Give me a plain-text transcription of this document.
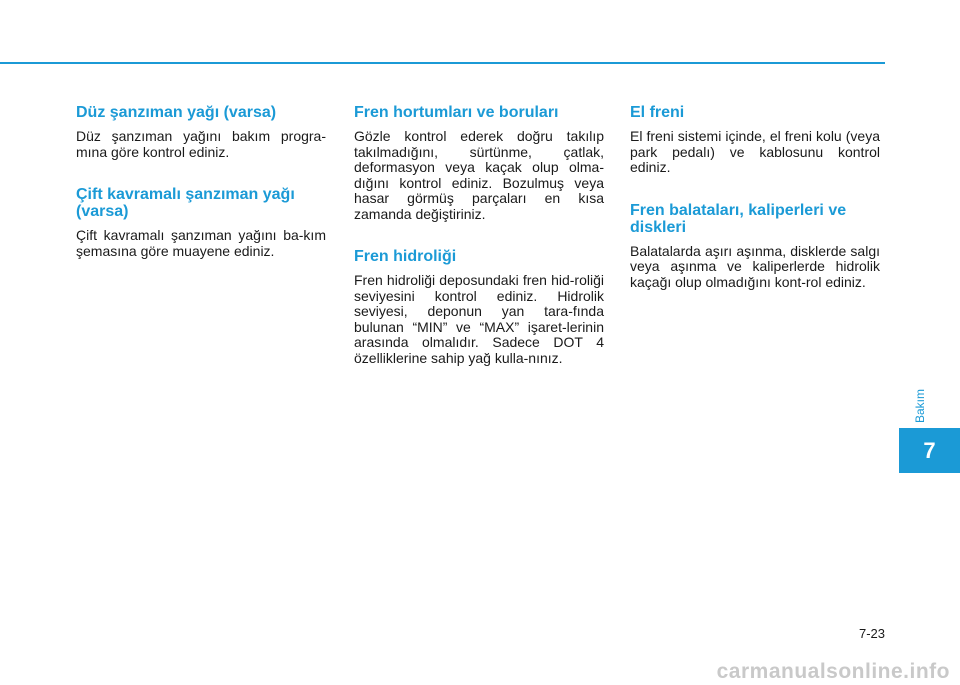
Düz şanzıman yağı (varsa)

Düz şanzıman yağını bakım progra-mına göre kontrol ediniz.

Çift kavramalı şanzıman yağı (varsa)

Çift kavramalı şanzıman yağını ba-kım şemasına göre muayene ediniz.

Fren hortumları ve boruları

Gözle kontrol ederek doğru takılıp takılmadığını, sürtünme, çatlak, deformasyon veya kaçak olup olma-dığını kontrol ediniz. Bozulmuş veya hasar görmüş parçaları en kısa zamanda değiştiriniz.

Fren hidroliği

Fren hidroliği deposundaki fren hid-roliği seviyesini kontrol ediniz. Hidrolik seviyesi, deponun yan tara-fında bulunan “MIN” ve “MAX” işaret-lerinin arasında olmalıdır. Sadece DOT 4 özelliklerine sahip yağ kulla-nınız.

El freni

El freni sistemi içinde, el freni kolu (veya park pedalı) ve kablosunu kontrol ediniz.

Fren balataları, kaliperleri ve diskleri

Balatalarda aşırı aşınma, disklerde salgı veya aşınma ve kaliperlerde hidrolik kaçağı olup olmadığını kont-rol ediniz.

Bakım
7
7-23
carmanualsonline.info
